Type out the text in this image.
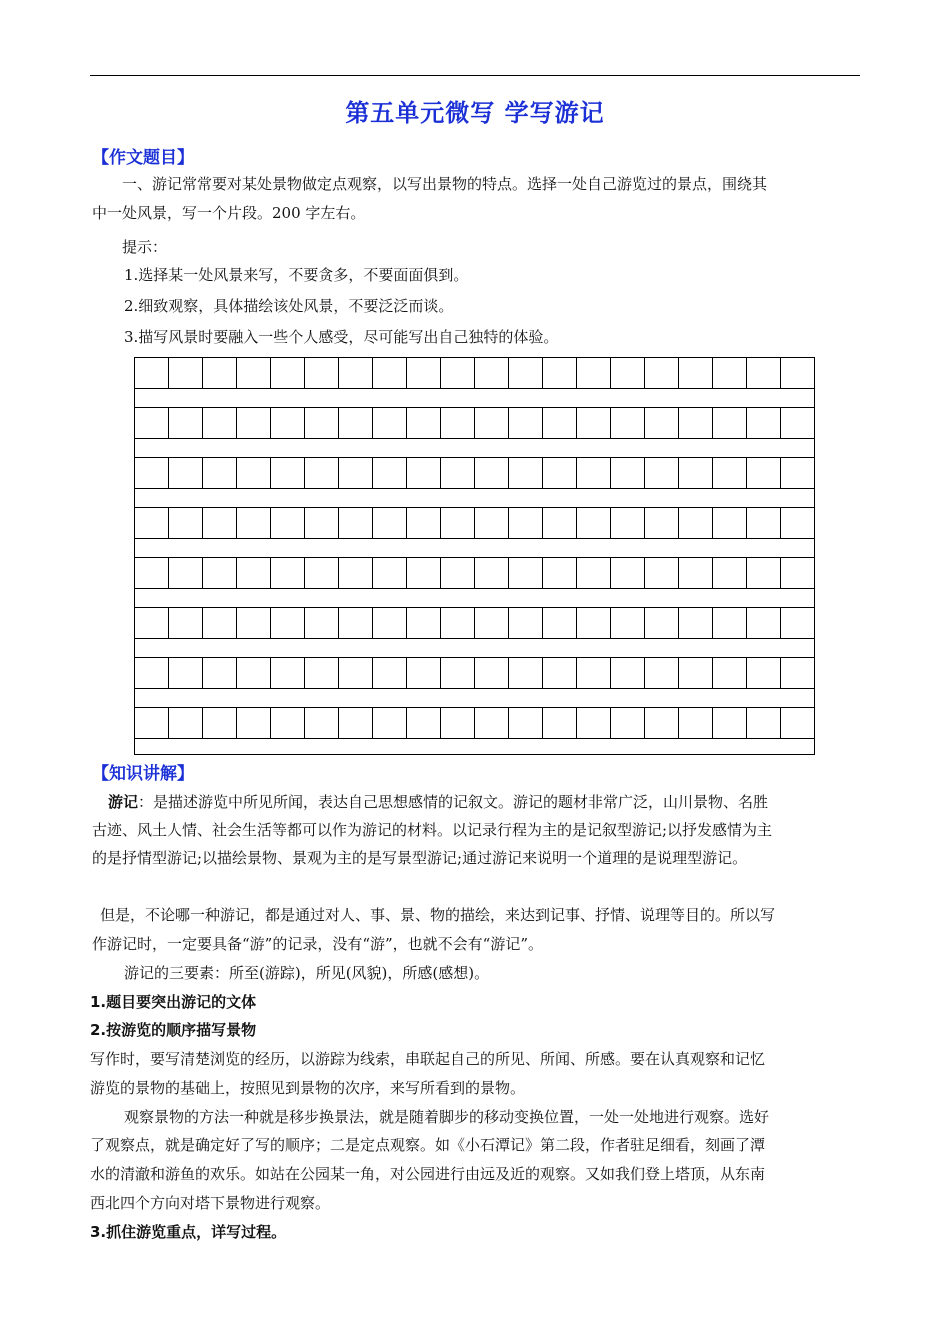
第五单元微写 学写游记
【作文题目】
一、游记常常要对某处景物做定点观察，以写出景物的特点。选择一处自己游览过的景点，围绕其
中一处风景，写一个片段。200 字左右。
提示：
1.选择某一处风景来写，不要贪多，不要面面俱到。
2.细致观察，具体描绘该处风景，不要泛泛而谈。
3.描写风景时要融入一些个人感受，尽可能写出自己独特的体验。
【知识讲解】
游记：是描述游览中所见所闻，表达自己思想感情的记叙文。游记的题材非常广泛，山川景物、名胜
古迹、风土人情、社会生活等都可以作为游记的材料。以记录行程为主的是记叙型游记;以抒发感情为主
的是抒情型游记;以描绘景物、景观为主的是写景型游记;通过游记来说明一个道理的是说理型游记。
但是，不论哪一种游记，都是通过对人、事、景、物的描绘，来达到记事、抒情、说理等目的。所以写
作游记时，一定要具备“游”的记录，没有“游”，也就不会有“游记”。
游记的三要素：所至(游踪)，所见(风貌)，所感(感想)。
1.题目要突出游记的文体
2.按游览的顺序描写景物
写作时，要写清楚浏览的经历，以游踪为线索，串联起自己的所见、所闻、所感。要在认真观察和记忆
游览的景物的基础上，按照见到景物的次序，来写所看到的景物。
观察景物的方法一种就是移步换景法，就是随着脚步的移动变换位置，一处一处地进行观察。选好
了观察点，就是确定好了写的顺序；二是定点观察。如《小石潭记》第二段，作者驻足细看，刻画了潭
水的清澈和游鱼的欢乐。如站在公园某一角，对公园进行由远及近的观察。又如我们登上塔顶，从东南
西北四个方向对塔下景物进行观察。
3.抓住游览重点，详写过程。
